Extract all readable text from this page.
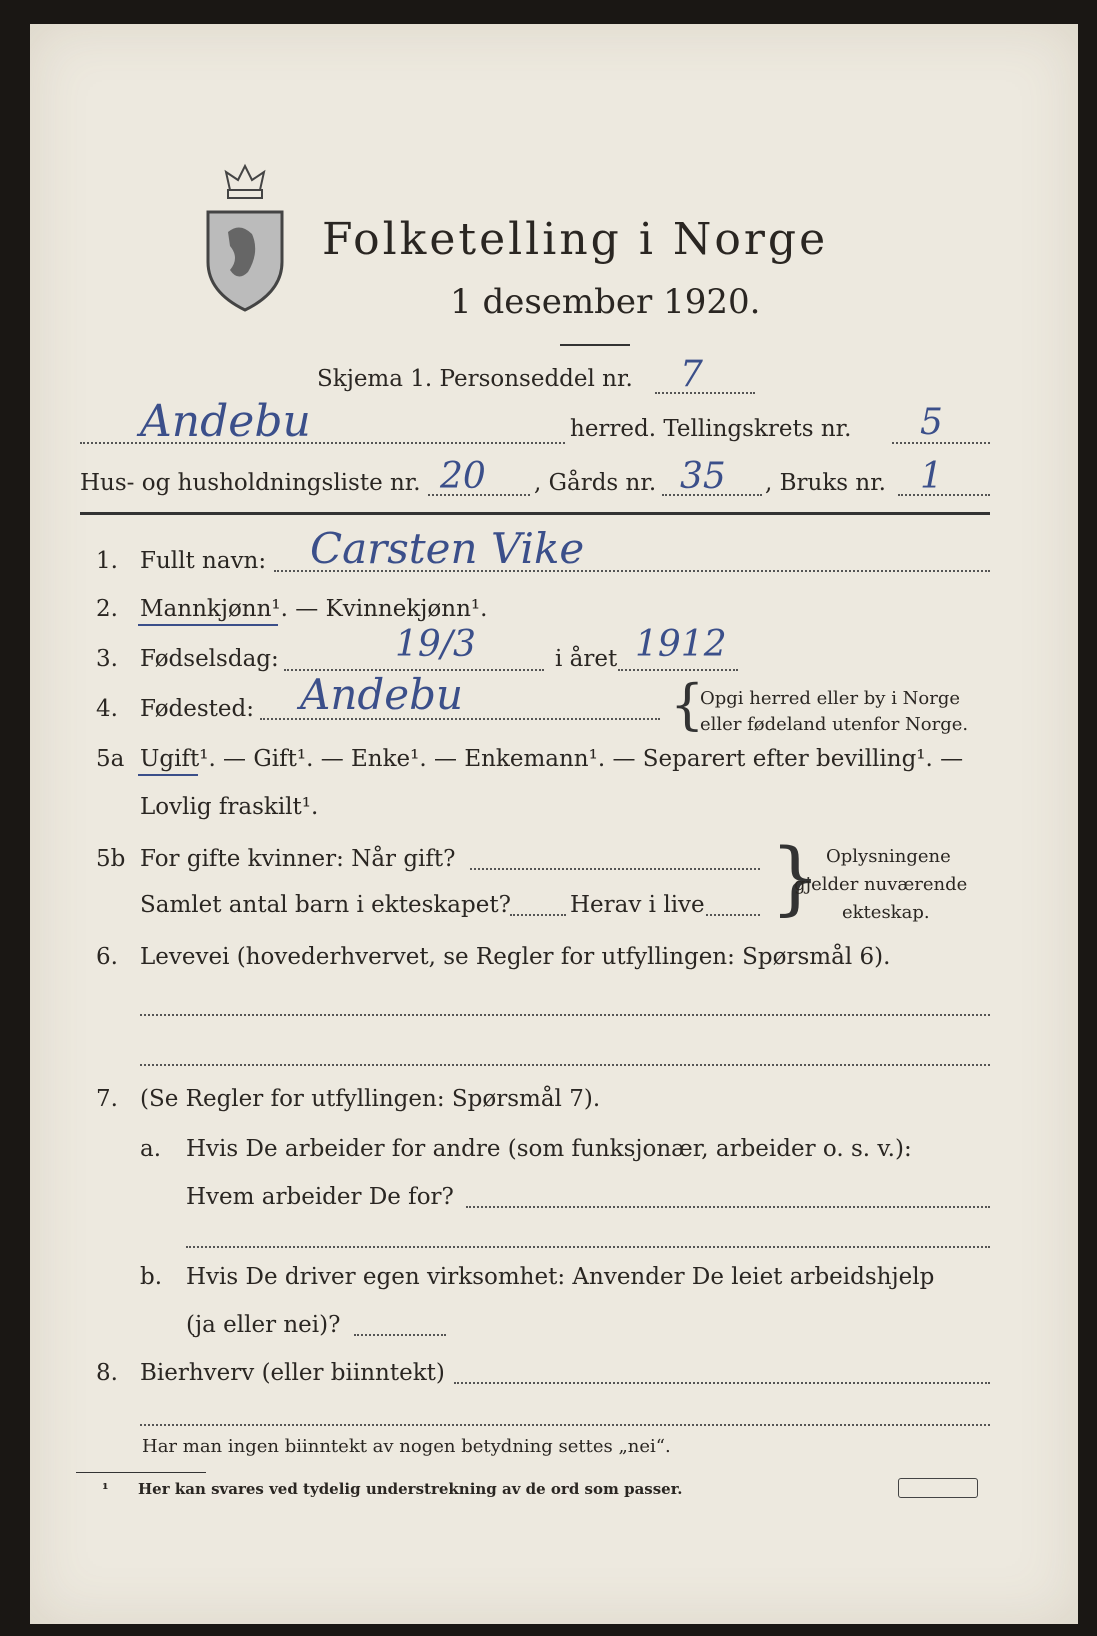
Folketelling i Norge
1 desember 1920.
Skjema 1. Personseddel nr. 7
Andebu	herred. Tellingskrets nr. 5
Hus- og husholdningsliste nr. 20 , Gårds nr. 35 , Bruks nr. 1
1. Fullt navn: Carsten Vike
2. Mannkjønn¹. — Kvinnekjønn¹.
3. Fødselsdag:	19/3	i året 1912
4. Fødested: Andebu	{
Opgi herred eller by i Norge
eller fødeland utenfor Norge.
5a Ugift¹. — Gift¹. — Enke¹. — Enkemann¹. — Separert efter bevilling¹. —
Lovlig fraskilt¹.
5b For gifte kvinner: Når gift?
Samlet antal barn i ekteskapet?	Herav i live } Oplysningene
gjelder nuværende
ekteskap.
6. Levevei (hovederhvervet, se Regler for utfyllingen: Spørsmål 6).
7. (Se Regler for utfyllingen: Spørsmål 7).
a. Hvis De arbeider for andre (som funksjonær, arbeider o. s. v.):
Hvem arbeider De for?
b. Hvis De driver egen virksomhet: Anvender De leiet arbeidshjelp
(ja eller nei)?
8. Bierhverv (eller biinntekt)
Har man ingen biinntekt av nogen betydning settes „nei“.
¹ Her kan svares ved tydelig understrekning av de ord som passer.
